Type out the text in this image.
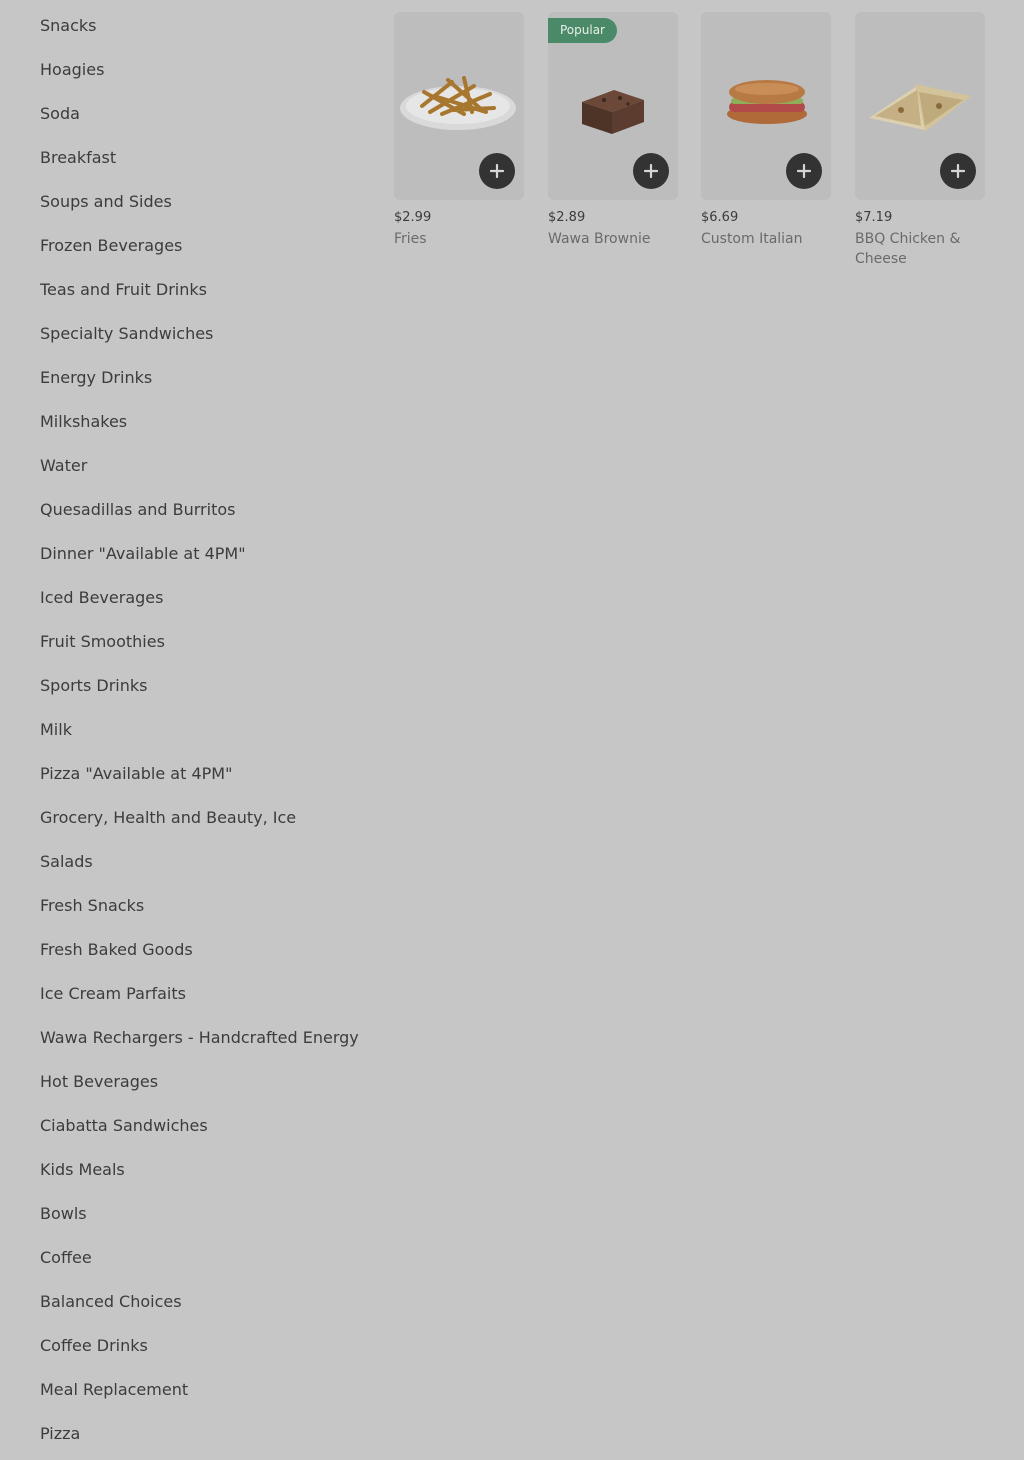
Snacks
Hoagies
Soda
Breakfast
Soups and Sides
Frozen Beverages
Teas and Fruit Drinks
Specialty Sandwiches
Energy Drinks
Milkshakes
Water
Quesadillas and Burritos
Dinner "Available at 4PM"
Iced Beverages
Fruit Smoothies
Sports Drinks
Milk
Pizza "Available at 4PM"
Grocery, Health and Beauty, Ice
Salads
Fresh Snacks
Fresh Baked Goods
Ice Cream Parfaits
Wawa Rechargers - Handcrafted Energy
Hot Beverages
Ciabatta Sandwiches
Kids Meals
Bowls
Coffee
Balanced Choices
Coffee Drinks
Meal Replacement
Pizza
$2.99
Fries
Popular
$2.89
Wawa Brownie
$6.69
Custom Italian
$7.19
BBQ Chicken & Cheese
